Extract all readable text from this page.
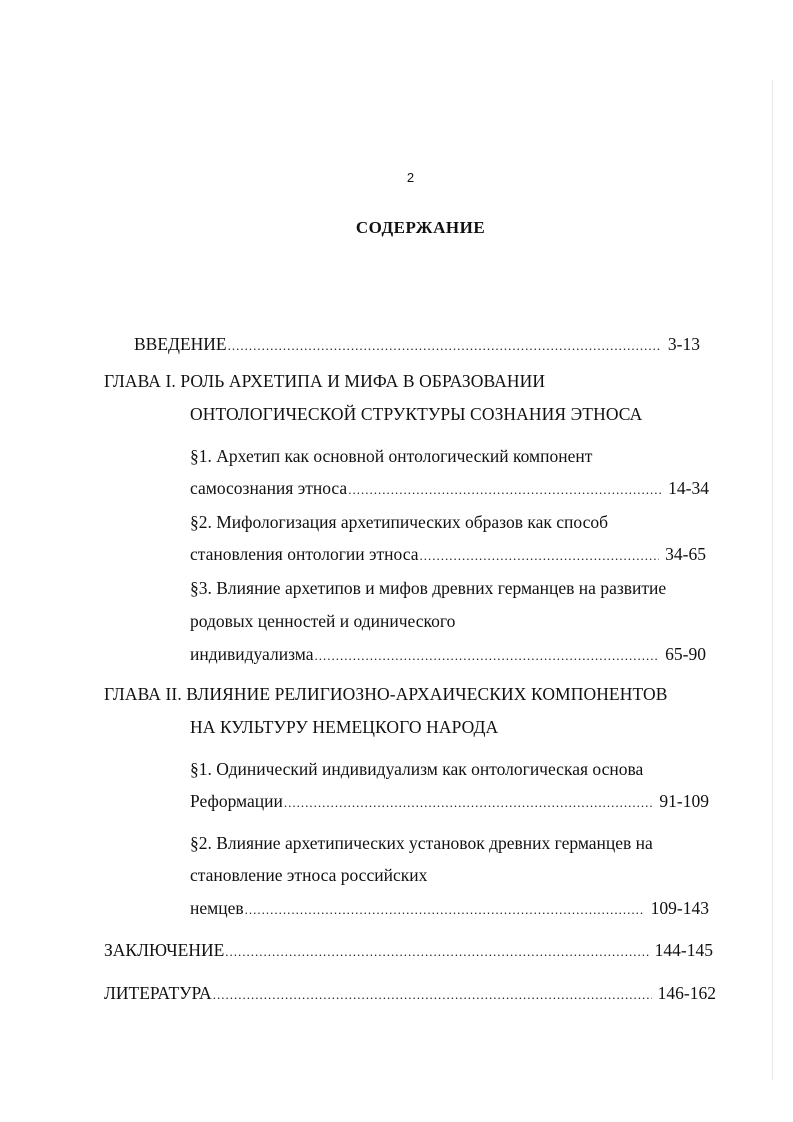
2
СОДЕРЖАНИЕ
ВВЕДЕНИЕ .....	3-13
ГЛАВА I. РОЛЬ АРХЕТИПА И МИФА В ОБРАЗОВАНИИ
ОНТОЛОГИЧЕСКОЙ СТРУКТУРЫ СОЗНАНИЯ ЭТНОСА
§1. Архетип как основной онтологический компонент
самосознания этноса .....	14-34
§2. Мифологизация архетипических образов как способ
становления онтологии этноса .....	34-65
§3. Влияние архетипов и мифов древних германцев на развитие
родовых ценностей и одинического
индивидуализма .....	65-90
ГЛАВА II. ВЛИЯНИЕ РЕЛИГИОЗНО-АРХАИЧЕСКИХ КОМПОНЕНТОВ
НА КУЛЬТУРУ НЕМЕЦКОГО НАРОДА
§1. Одинический индивидуализм как онтологическая основа
Реформации .....	91-109
§2. Влияние архетипических установок древних германцев на
становление этноса российских
немцев .....	109-143
ЗАКЛЮЧЕНИЕ .....	144-145
ЛИТЕРАТУРА .....	146-162
